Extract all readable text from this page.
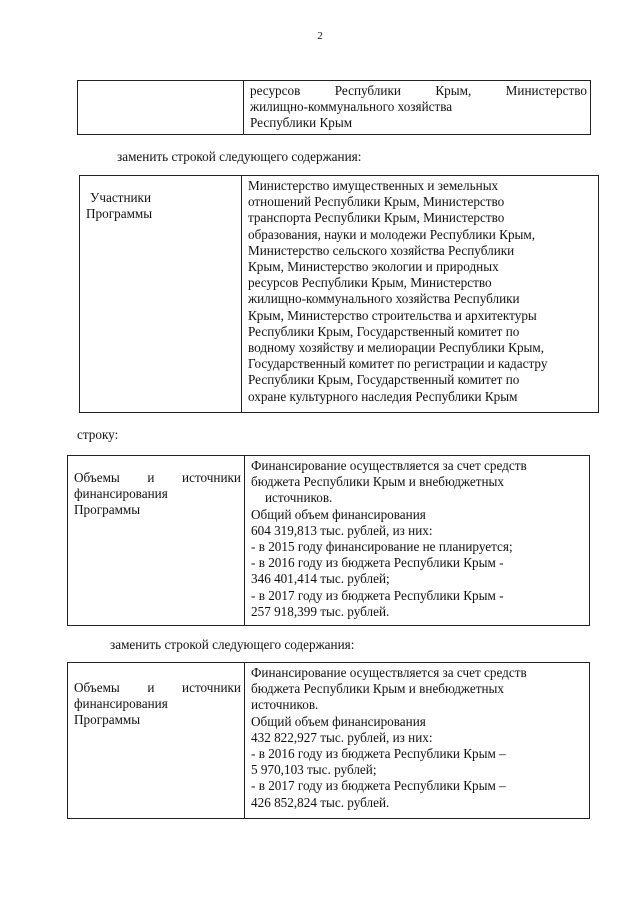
2

ресурсов Республики Крым, Министерство
жилищно-коммунального хозяйства
Республики Крым
заменить строкой следующего содержания:
Участники
Программы

Министерство имущественных и земельных
отношений Республики Крым, Министерство
транспорта Республики Крым, Министерство
образования, науки и молодежи Республики Крым,
Министерство сельского хозяйства Республики
Крым, Министерство экологии и природных
ресурсов Республики Крым, Министерство
жилищно-коммунального хозяйства Республики
Крым, Министерство строительства и архитектуры
Республики Крым, Государственный комитет по
водному хозяйству и мелиорации Республики Крым,
Государственный комитет по регистрации и кадастру
Республики Крым, Государственный комитет по
охране культурного наследия Республики Крым
строку:
Объемы и источники
финансирования
Программы

Финансирование осуществляется за счет средств
бюджета Республики Крым и внебюджетных
источников.
Общий объем финансирования
604 319,813 тыс. рублей, из них:
- в 2015 году финансирование не планируется;
- в 2016 году из бюджета Республики Крым -
346 401,414 тыс. рублей;
- в 2017 году из бюджета Республики Крым -
257 918,399 тыс. рублей.
заменить строкой следующего содержания:
Объемы и источники
финансирования
Программы

Финансирование осуществляется за счет средств
бюджета Республики Крым и внебюджетных
источников.
Общий объем финансирования
432 822,927 тыс. рублей, из них:
- в 2016 году из бюджета Республики Крым –
5 970,103 тыс. рублей;
- в 2017 году из бюджета Республики Крым –
426 852,824 тыс. рублей.
